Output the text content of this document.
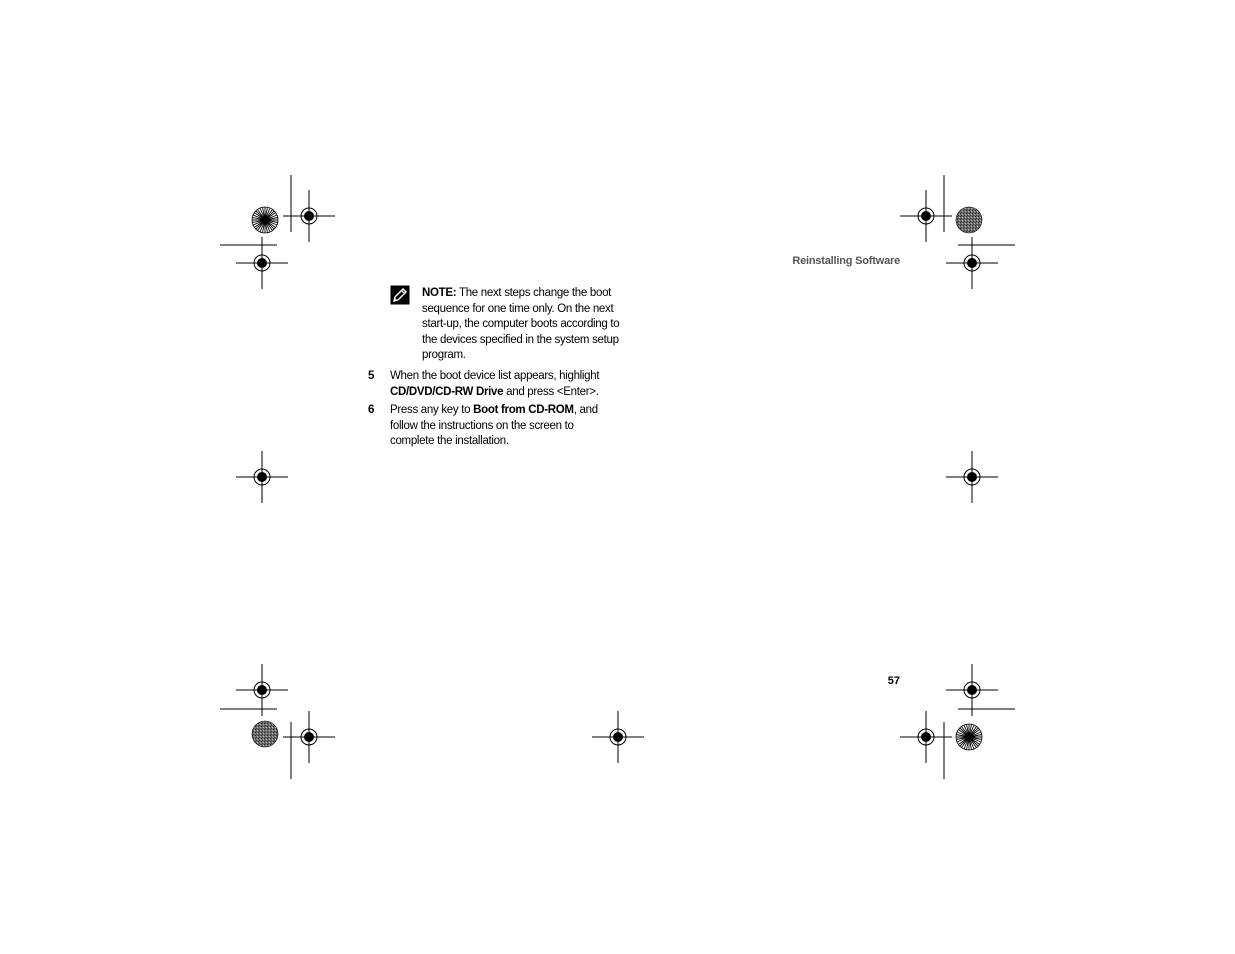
Reinstalling Software
NOTE: The next steps change the boot sequence for one time only. On the next start-up, the computer boots according to the devices specified in the system setup program.
5 When the boot device list appears, highlight CD/DVD/CD-RW Drive and press <Enter>.
6 Press any key to Boot from CD-ROM, and follow the instructions on the screen to complete the installation.
57
